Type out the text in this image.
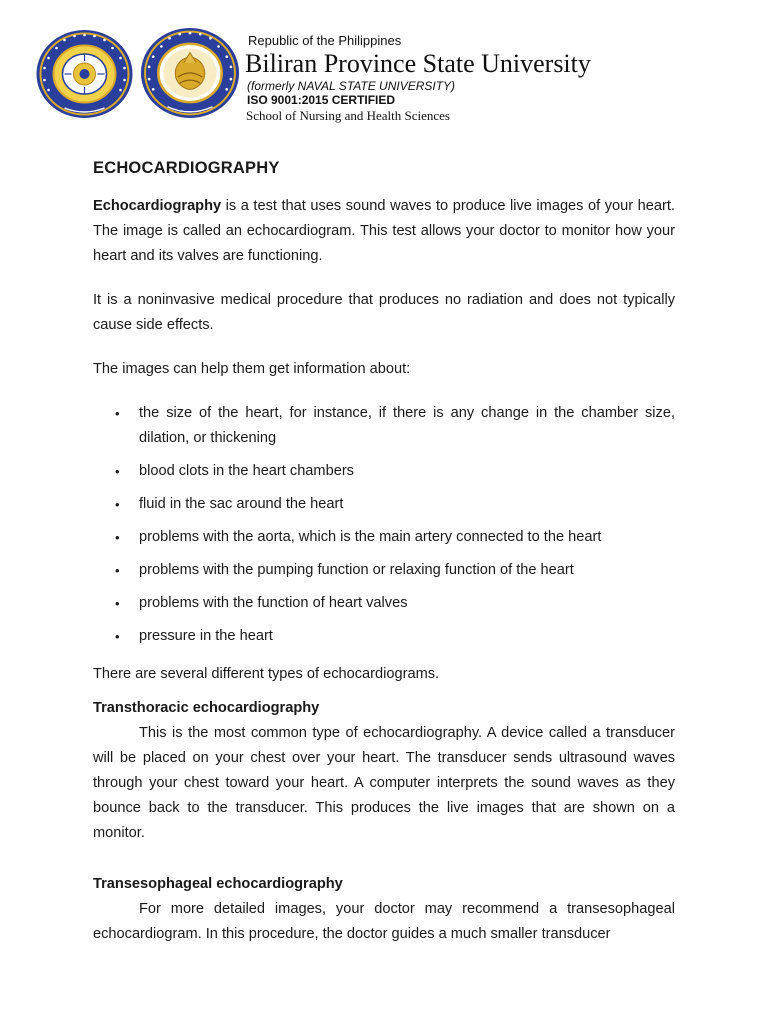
Republic of the Philippines
Biliran Province State University
(formerly NAVAL STATE UNIVERSITY)
ISO 9001:2015 CERTIFIED
School of Nursing and Health Sciences
ECHOCARDIOGRAPHY

Echocardiography is a test that uses sound waves to produce live images of your heart. The image is called an echocardiogram. This test allows your doctor to monitor how your heart and its valves are functioning.

It is a noninvasive medical procedure that produces no radiation and does not typically cause side effects.

The images can help them get information about:

• the size of the heart, for instance, if there is any change in the chamber size, dilation, or thickening
• blood clots in the heart chambers
• fluid in the sac around the heart
• problems with the aorta, which is the main artery connected to the heart
• problems with the pumping function or relaxing function of the heart
• problems with the function of heart valves
• pressure in the heart

There are several different types of echocardiograms.

Transthoracic echocardiography

This is the most common type of echocardiography. A device called a transducer will be placed on your chest over your heart. The transducer sends ultrasound waves through your chest toward your heart. A computer interprets the sound waves as they bounce back to the transducer. This produces the live images that are shown on a monitor.

Transesophageal echocardiography

For more detailed images, your doctor may recommend a transesophageal echocardiogram. In this procedure, the doctor guides a much smaller transducer
